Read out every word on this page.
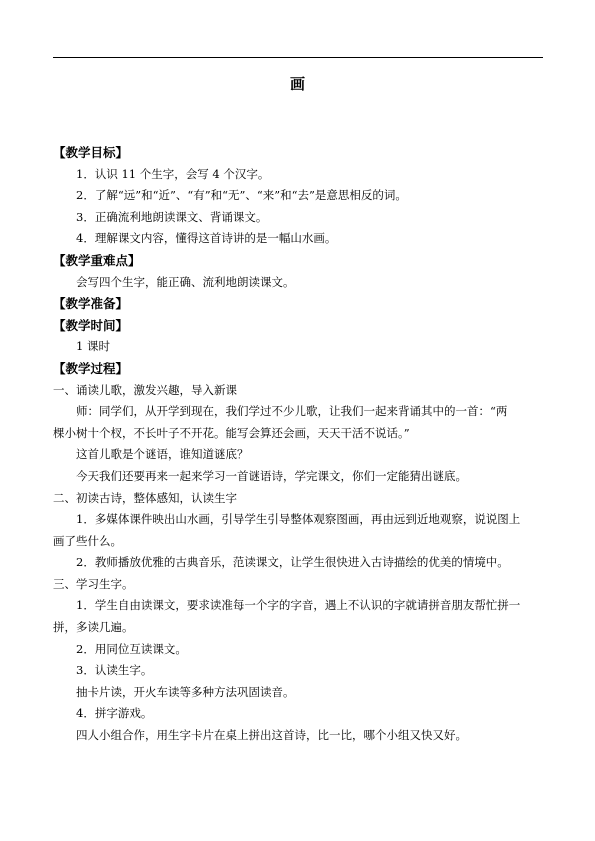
画
【教学目标】
1．认识 11 个生字，会写 4 个汉字。
2．了解“远”和“近”、“有”和“无”、“来”和“去”是意思相反的词。
3．正确流利地朗读课文、背诵课文。
4．理解课文内容，懂得这首诗讲的是一幅山水画。
【教学重难点】
会写四个生字，能正确、流利地朗读课文。
【教学准备】
【教学时间】
1 课时
【教学过程】
一、诵读儿歌，激发兴趣，导入新课
师：同学们，从开学到现在，我们学过不少儿歌，让我们一起来背诵其中的一首：“两
棵小树十个杈，不长叶子不开花。能写会算还会画，天天干活不说话。”
这首儿歌是个谜语，谁知道谜底？
今天我们还要再来一起来学习一首谜语诗，学完课文，你们一定能猜出谜底。
二、初读古诗，整体感知，认读生字
1．多媒体课件映出山水画，引导学生引导整体观察图画，再由远到近地观察，说说图上
画了些什么。
2．教师播放优雅的古典音乐，范读课文，让学生很快进入古诗描绘的优美的情境中。
三、学习生字。
1．学生自由读课文，要求读准每一个字的字音，遇上不认识的字就请拼音朋友帮忙拼一
拼，多读几遍。
2．用同位互读课文。
3．认读生字。
抽卡片读，开火车读等多种方法巩固读音。
4．拼字游戏。
四人小组合作，用生字卡片在桌上拼出这首诗，比一比，哪个小组又快又好。
